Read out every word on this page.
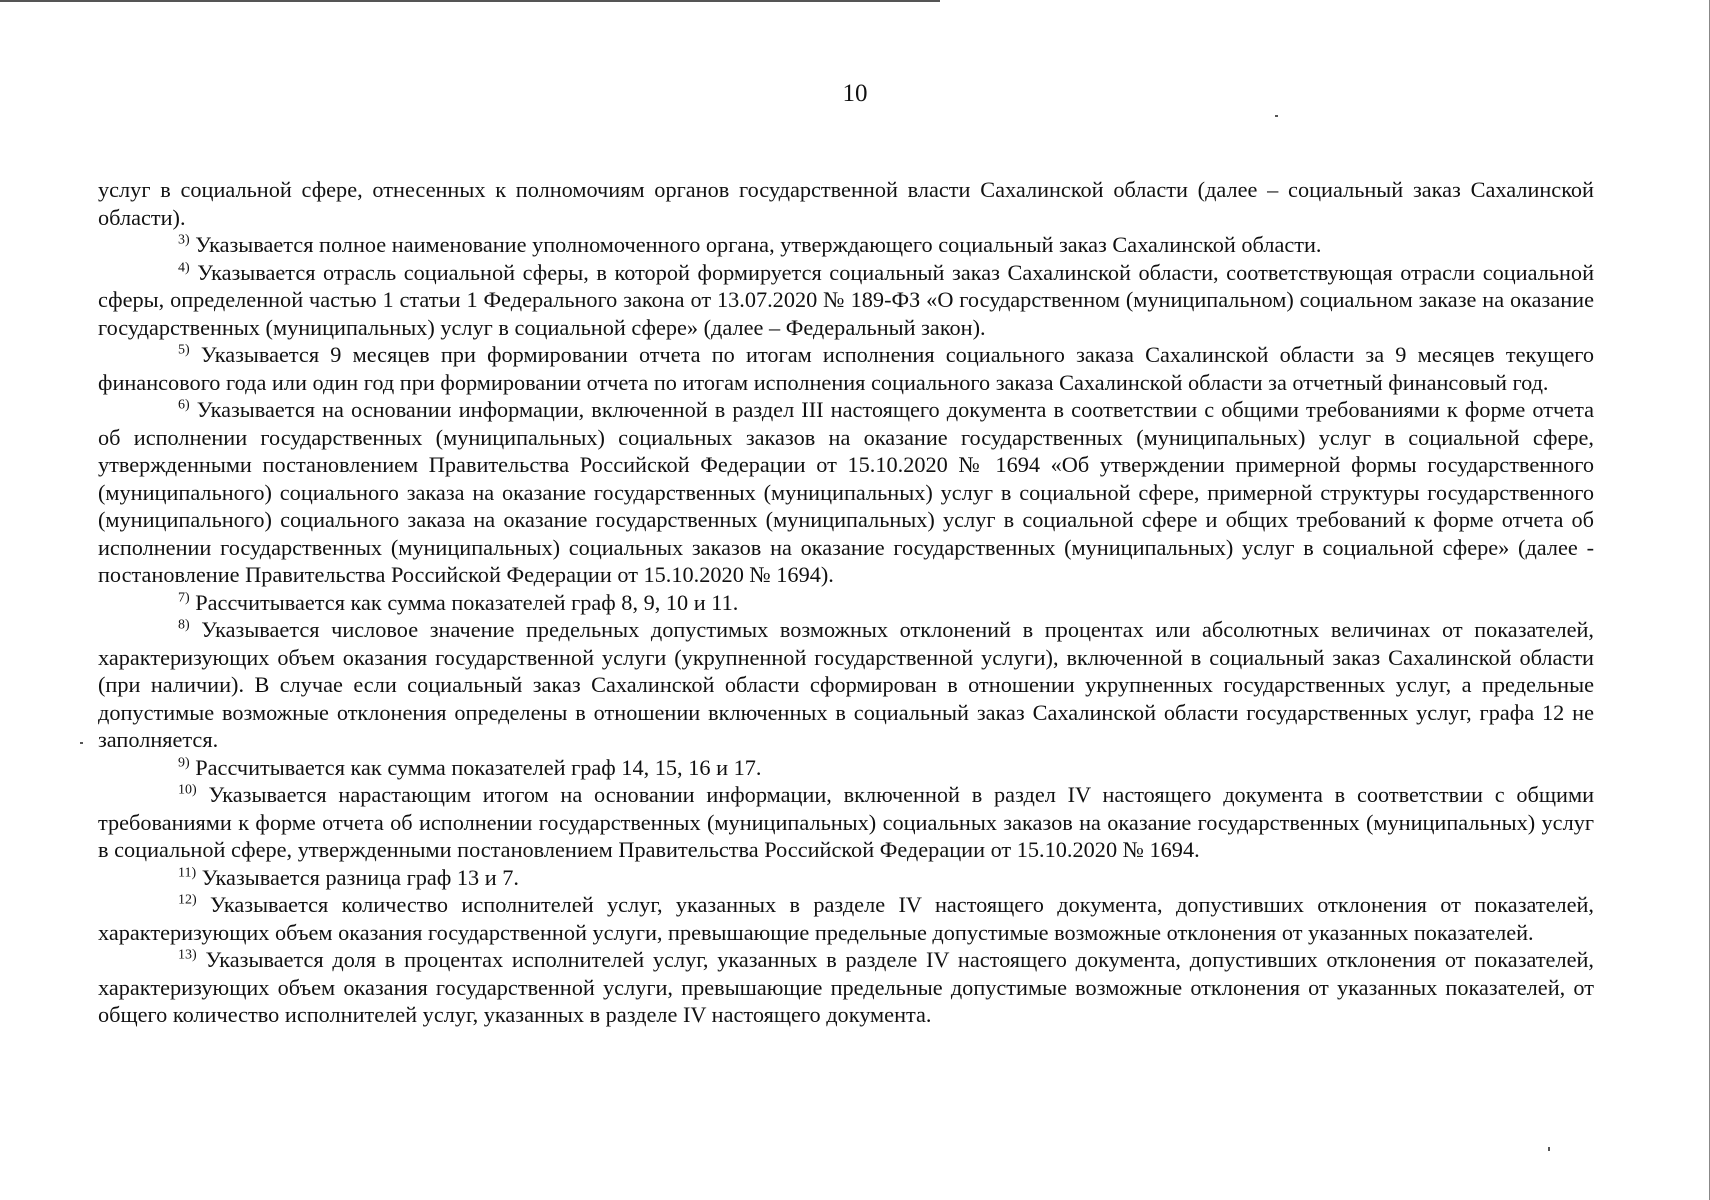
10

услуг в социальной сфере, отнесенных к полномочиям органов государственной власти Сахалинской области (далее – социальный заказ Сахалинской области).

$^{3)}$ Указывается полное наименование уполномоченного органа, утверждающего социальный заказ Сахалинской области.

$^{4)}$ Указывается отрасль социальной сферы, в которой формируется социальный заказ Сахалинской области, соответствующая отрасли социальной сферы, определенной частью 1 статьи 1 Федерального закона от 13.07.2020 № 189-ФЗ «О государственном (муниципальном) социальном заказе на оказание государственных (муниципальных) услуг в социальной сфере» (далее – Федеральный закон).

$^{5)}$ Указывается 9 месяцев при формировании отчета по итогам исполнения социального заказа Сахалинской области за 9 месяцев текущего финансового года или один год при формировании отчета по итогам исполнения социального заказа Сахалинской области за отчетный финансовый год.

$^{6)}$ Указывается на основании информации, включенной в раздел III настоящего документа в соответствии с общими требованиями к форме отчета об исполнении государственных (муниципальных) социальных заказов на оказание государственных (муниципальных) услуг в социальной сфере, утвержденными постановлением Правительства Российской Федерации от 15.10.2020 № 1694 «Об утверждении примерной формы государственного (муниципального) социального заказа на оказание государственных (муниципальных) услуг в социальной сфере, примерной структуры государственного (муниципального) социального заказа на оказание государственных (муниципальных) услуг в социальной сфере и общих требований к форме отчета об исполнении государственных (муниципальных) социальных заказов на оказание государственных (муниципальных) услуг в социальной сфере» (далее - постановление Правительства Российской Федерации от 15.10.2020 № 1694).

$^{7)}$ Рассчитывается как сумма показателей граф 8, 9, 10 и 11.

$^{8)}$ Указывается числовое значение предельных допустимых возможных отклонений в процентах или абсолютных величинах от показателей, характеризующих объем оказания государственной услуги (укрупненной государственной услуги), включенной в социальный заказ Сахалинской области (при наличии). В случае если социальный заказ Сахалинской области сформирован в отношении укрупненных государственных услуг, а предельные допустимые возможные отклонения определены в отношении включенных в социальный заказ Сахалинской области государственных услуг, графа 12 не заполняется.

$^{9)}$ Рассчитывается как сумма показателей граф 14, 15, 16 и 17.

$^{10)}$ Указывается нарастающим итогом на основании информации, включенной в раздел IV настоящего документа в соответствии с общими требованиями к форме отчета об исполнении государственных (муниципальных) социальных заказов на оказание государственных (муниципальных) услуг в социальной сфере, утвержденными постановлением Правительства Российской Федерации от 15.10.2020 № 1694.

$^{11)}$ Указывается разница граф 13 и 7.

$^{12)}$ Указывается количество исполнителей услуг, указанных в разделе IV настоящего документа, допустивших отклонения от показателей, характеризующих объем оказания государственной услуги, превышающие предельные допустимые возможные отклонения от указанных показателей.

$^{13)}$ Указывается доля в процентах исполнителей услуг, указанных в разделе IV настоящего документа, допустивших отклонения от показателей, характеризующих объем оказания государственной услуги, превышающие предельные допустимые возможные отклонения от указанных показателей, от общего количество исполнителей услуг, указанных в разделе IV настоящего документа.
